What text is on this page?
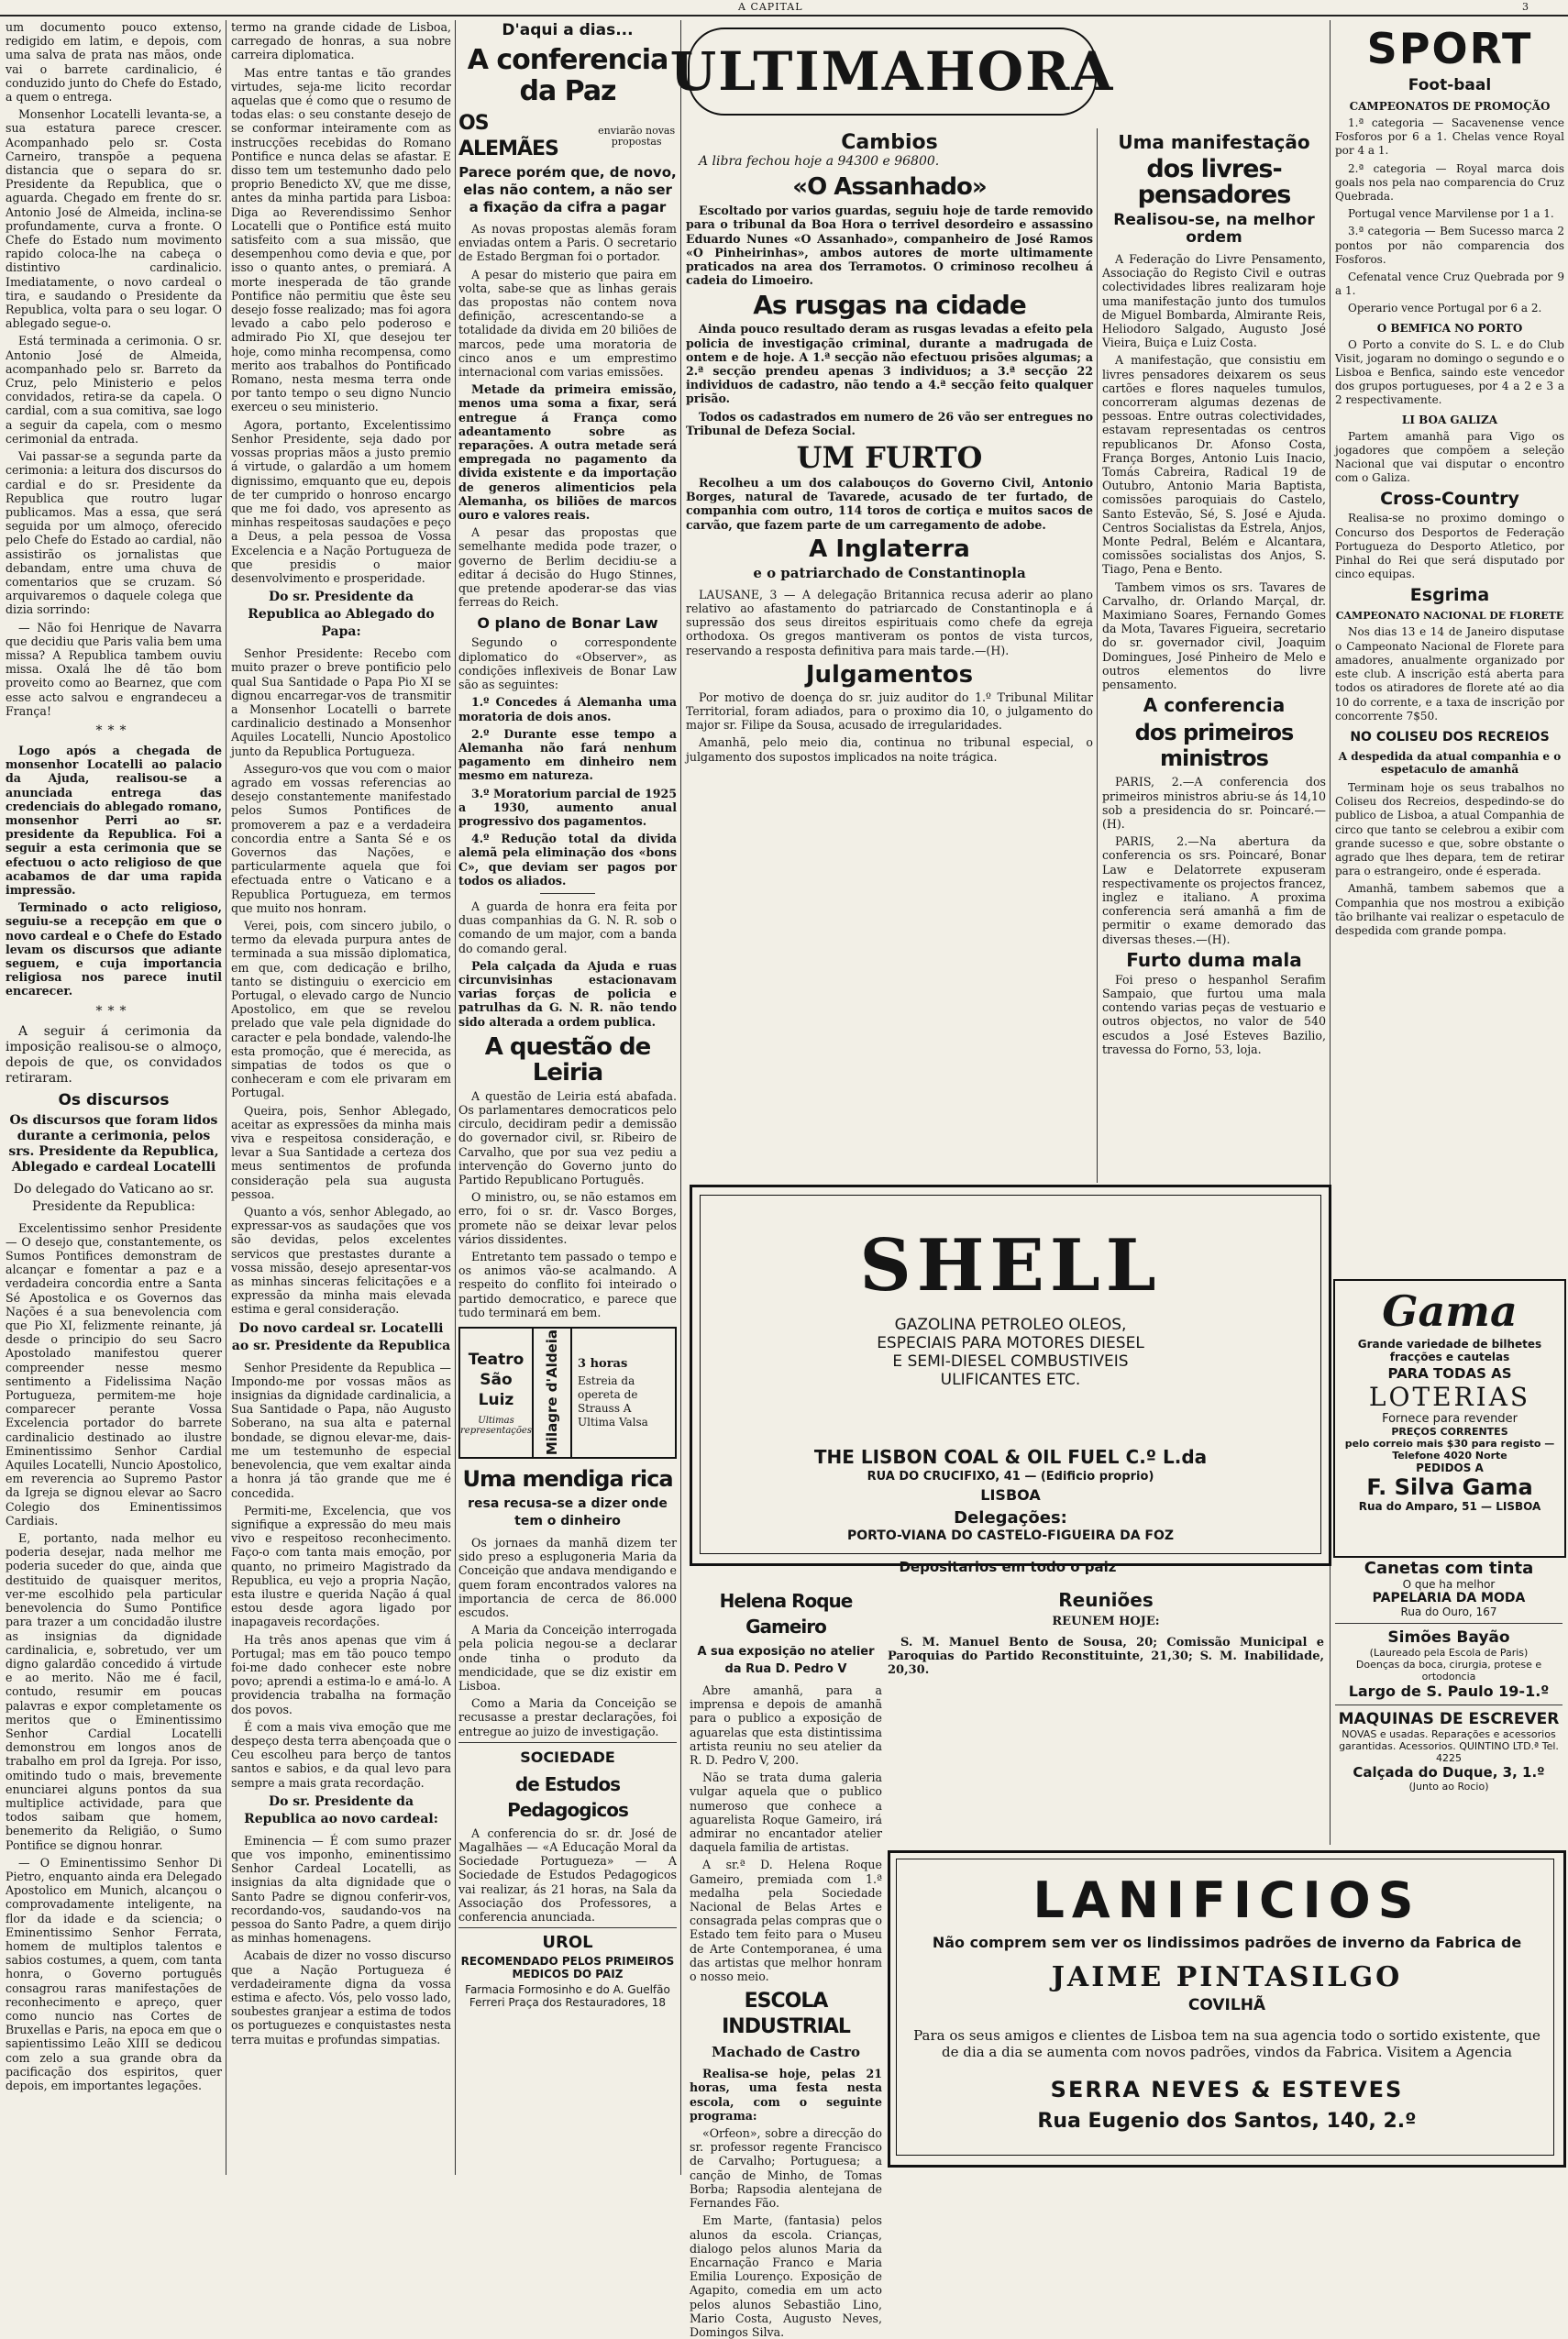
A CAPITAL	3

um documento pouco extenso, redigido em latim, e depois, com uma salva de prata nas mãos, onde vai o barrete cardinalicio, é conduzido junto do Chefe do Estado, a quem o entrega.

Monsenhor Locatelli levanta-se, a sua estatura parece crescer. Acompanhado pelo sr. Costa Carneiro, transpõe a pequena distancia que o separa do sr. Presidente da Republica, que o aguarda. Chegado em frente do sr. Antonio José de Almeida, inclina-se profundamente, curva a fronte. O Chefe do Estado num movimento rapido coloca-lhe na cabeça o distintivo cardinalicio. Imediatamente, o novo cardeal o tira, e saudando o Presidente da Republica, volta para o seu logar. O ablegado segue-o.

Está terminada a cerimonia. O sr. Antonio José de Almeida, acompanhado pelo sr. Barreto da Cruz, pelo Ministerio e pelos convidados, retira-se da capela. O cardial, com a sua comitiva, sae logo a seguir da capela, com o mesmo cerimonial da entrada.

Vai passar-se a segunda parte da cerimonia: a leitura dos discursos do cardial e do sr. Presidente da Republica que routro lugar publicamos. Mas a essa, que será seguida por um almoço, oferecido pelo Chefe do Estado ao cardial, não assistirão os jornalistas que debandam, entre uma chuva de comentarios que se cruzam. Só arquivaremos o daquele colega que dizia sorrindo:

— Não foi Henrique de Navarra que decidiu que Paris valia bem uma missa? A Republica tambem ouviu missa. Oxalá lhe dê tão bom proveito como ao Bearnez, que com esse acto salvou e engrandeceu a França!

***

Logo após a chegada de monsenhor Locatelli ao palacio da Ajuda, realisou-se a anunciada entrega das credenciais do ablegado romano, monsenhor Perri ao sr. presidente da Republica. Foi a seguir a esta cerimonia que se efectuou o acto religioso de que acabamos de dar uma rapida impressão.

Terminado o acto religioso, seguiu-se a recepção em que o novo cardeal e o Chefe do Estado levam os discursos que adiante seguem, e cuja importancia religiosa nos parece inutil encarecer.

***

A seguir á cerimonia da imposição realisou-se o almoço, depois de que, os convidados retiraram.

Os discursos
Os discursos que foram lidos durante a cerimonia, pelos srs. Presidente da Republica, Ablegado e cardeal Locatelli
Do delegado do Vaticano ao sr. Presidente da Republica:

Excelentissimo senhor Presidente — O desejo que, constantemente, os Sumos Pontifices demonstram de alcançar e fomentar a paz e a verdadeira concordia entre a Santa Sé Apostolica e os Governos das Nações é a sua benevolencia com que Pio XI, felizmente reinante, já desde o principio do seu Sacro Apostolado manifestou querer compreender nesse mesmo sentimento a Fidelissima Nação Portugueza, permitem-me hoje comparecer perante Vossa Excelencia portador do barrete cardinalicio destinado ao ilustre Eminentissimo Senhor Cardial Aquiles Locatelli, Nuncio Apostolico, em reverencia ao Supremo Pastor da Igreja se dignou elevar ao Sacro Colegio dos Eminentissimos Cardiais.

E, portanto, nada melhor eu poderia desejar, nada melhor me poderia suceder do que, ainda que destituido de quaisquer meritos, ver-me escolhido pela particular benevolencia do Sumo Pontifice para trazer a um concidadão ilustre as insignias da dignidade cardinalicia, e, sobretudo, ver um digno galardão concedido á virtude e ao merito. Não me é facil, contudo, resumir em poucas palavras e expor completamente os meritos que o Eminentissimo Senhor Cardial Locatelli demonstrou em longos anos de trabalho em prol da Igreja. Por isso, omitindo tudo o mais, brevemente enunciarei alguns pontos da sua multiplice actividade, para que todos saibam que homem, benemerito da Religião, o Sumo Pontifice se dignou honrar.

— O Eminentissimo Senhor Di Pietro, enquanto ainda era Delegado Apostolico em Munich, alcançou o comprovadamente inteligente, na flor da idade e da sciencia; o Eminentissimo Senhor Ferrata, homem de multiplos talentos e sabios costumes, a quem, com tanta honra, o Governo português consagrou raras manifestações de reconhecimento e apreço, quer como nuncio nas Cortes de Bruxellas e Paris, na epoca em que o sapientissimo Leão XIII se dedicou com zelo a sua grande obra da pacificação dos espiritos, quer depois, em importantes legações.

termo na grande cidade de Lisboa, carregado de honras, a sua nobre carreira diplomatica.

Mas entre tantas e tão grandes virtudes, seja-me licito recordar aquelas que é como que o resumo de todas elas: o seu constante desejo de se conformar inteiramente com as instrucções recebidas do Romano Pontifice e nunca delas se afastar. E disso tem um testemunho dado pelo proprio Benedicto XV, que me disse, antes da minha partida para Lisboa: Diga ao Reverendissimo Senhor Locatelli que o Pontifice está muito satisfeito com a sua missão, que desempenhou como devia e que, por isso o quanto antes, o premiará. A morte inesperada de tão grande Pontifice não permitiu que êste seu desejo fosse realizado; mas foi agora levado a cabo pelo poderoso e admirado Pio XI, que desejou ter hoje, como minha recompensa, como merito aos trabalhos do Pontificado Romano, nesta mesma terra onde por tanto tempo o seu digno Nuncio exerceu o seu ministerio.

Agora, portanto, Excelentissimo Senhor Presidente, seja dado por vossas proprias mãos a justo premio á virtude, o galardão a um homem dignissimo, emquanto que eu, depois de ter cumprido o honroso encargo que me foi dado, vos apresento as minhas respeitosas saudações e peço a Deus, a pela pessoa de Vossa Excelencia e a Nação Portugueza de que presidis o maior desenvolvimento e prosperidade.

Do sr. Presidente da Republica ao Ablegado do Papa:

Senhor Presidente: Recebo com muito prazer o breve pontificio pelo qual Sua Santidade o Papa Pio XI se dignou encarregar-vos de transmitir a Monsenhor Locatelli o barrete cardinalicio destinado a Monsenhor Aquiles Locatelli, Nuncio Apostolico junto da Republica Portugueza.

Asseguro-vos que vou com o maior agrado em vossas referencias ao desejo constantemente manifestado pelos Sumos Pontifices de promoverem a paz e a verdadeira concordia entre a Santa Sé e os Governos das Nações, e particularmente aquela que foi efectuada entre o Vaticano e a Republica Portugueza, em termos que muito nos honram.

Verei, pois, com sincero jubilo, o termo da elevada purpura antes de terminada a sua missão diplomatica, em que, com dedicação e brilho, tanto se distinguiu o exercicio em Portugal, o elevado cargo de Nuncio Apostolico, em que se revelou prelado que vale pela dignidade do caracter e pela bondade, valendo-lhe esta promoção, que é merecida, as simpatias de todos os que o conheceram e com ele privaram em Portugal.

Queira, pois, Senhor Ablegado, aceitar as expressões da minha mais viva e respeitosa consideração, e levar a Sua Santidade a certeza dos meus sentimentos de profunda consideração pela sua augusta pessoa.

Quanto a vós, senhor Ablegado, ao expressar-vos as saudações que vos são devidas, pelos excelentes servicos que prestastes durante a vossa missão, desejo apresentar-vos as minhas sinceras felicitações e a expressão da minha mais elevada estima e geral consideração.

Do novo cardeal sr. Locatelli ao sr. Presidente da Republica

Senhor Presidente da Republica — Impondo-me por vossas mãos as insignias da dignidade cardinalicia, a Sua Santidade o Papa, não Augusto Soberano, na sua alta e paternal bondade, se dignou elevar-me, dais-me um testemunho de especial benevolencia, que vem exaltar ainda a honra já tão grande que me é concedida.

Permiti-me, Excelencia, que vos signifique a expressão do meu mais vivo e respeitoso reconhecimento. Faço-o com tanta mais emoção, por quanto, no primeiro Magistrado da Republica, eu vejo a propria Nação, esta ilustre e querida Nação á qual estou desde agora ligado por inapagaveis recordações.

Ha três anos apenas que vim á Portugal; mas em tão pouco tempo foi-me dado conhecer este nobre povo; aprendi a estima-lo e amá-lo. A providencia trabalha na formação dos povos.

É com a mais viva emoção que me despeço desta terra abençoada que o Ceu escolheu para berço de tantos santos e sabios, e da qual levo para sempre a mais grata recordação.

Do sr. Presidente da Republica ao novo cardeal:

Eminencia — É com sumo prazer que vos imponho, eminentissimo Senhor Cardeal Locatelli, as insignias da alta dignidade que o Santo Padre se dignou conferir-vos, recordando-vos, saudando-vos na pessoa do Santo Padre, a quem dirijo as minhas homenagens.

Acabais de dizer no vosso discurso que a Nação Portugueza é verdadeiramente digna da vossa estima e afecto. Vós, pelo vosso lado, soubestes granjear a estima de todos os portuguezes e conquistastes nesta terra muitas e profundas simpatias.

D'aqui a dias...
A conferencia da Paz
OS ALEMÃES
enviarão novas propostas
Parece porém que, de novo, elas não contem, a não ser a fixação da cifra a pagar

As novas propostas alemãs foram enviadas ontem a Paris. O secretario de Estado Bergman foi o portador.

A pesar do misterio que paira em volta, sabe-se que as linhas gerais das propostas não contem nova definição, acrescentando-se a totalidade da divida em 20 biliões de marcos, pede uma moratoria de cinco anos e um emprestimo internacional com varias emissões.

Metade da primeira emissão, menos uma soma a fixar, será entregue á França como adeantamento sobre as reparações. A outra metade será empregada no pagamento da divida existente e da importação de generos alimenticios pela Alemanha, os biliões de marcos ouro e valores reais.

A pesar das propostas que semelhante medida pode trazer, o governo de Berlim decidiu-se a editar á decisão do Hugo Stinnes, que pretende apoderar-se das vias ferreas do Reich.

O plano de Bonar Law

Segundo o correspondente diplomatico do «Observer», as condições inflexiveis de Bonar Law são as seguintes:

1.º Concedes á Alemanha uma moratoria de dois anos.

2.º Durante esse tempo a Alemanha não fará nenhum pagamento em dinheiro nem mesmo em natureza.

3.º Moratorium parcial de 1925 a 1930, aumento anual progressivo dos pagamentos.

4.º Redução total da divida alemã pela eliminação dos «bons C», que deviam ser pagos por todos os aliados.

A guarda de honra era feita por duas companhias da G. N. R. sob o comando de um major, com a banda do comando geral.

Pela calçada da Ajuda e ruas circunvisinhas estacionavam varias forças de policia e patrulhas da G. N. R. não tendo sido alterada a ordem publica.

A questão de Leiria

A questão de Leiria está abafada. Os parlamentares democraticos pelo circulo, decidiram pedir a demissão do governador civil, sr. Ribeiro de Carvalho, que por sua vez pediu a intervenção do Governo junto do Partido Republicano Português.

O ministro, ou, se não estamos em erro, foi o sr. dr. Vasco Borges, promete não se deixar levar pelos vários dissidentes.

Entretanto tem passado o tempo e os animos vão-se acalmando. A respeito do conflito foi inteirado o partido democratico, e parece que tudo terminará em bem.

Teatro São Luiz
Ultimas representações Milagre d'Aldeia 3 horas
Estreia da opereta de Strauss A Ultima Valsa
Uma mendiga rica
resa recusa-se a dizer onde tem o dinheiro

Os jornaes da manhã dizem ter sido preso a esplugoneria Maria da Conceição que andava mendigando e quem foram encontrados valores na importancia de cerca de 86.000 escudos.

A Maria da Conceição interrogada pela policia negou-se a declarar onde tinha o produto da mendicidade, que se diz existir em Lisboa.

Como a Maria da Conceição se recusasse a prestar declarações, foi entregue ao juizo de investigação.

SOCIEDADE
de Estudos Pedagogicos

A conferencia do sr. dr. José de Magalhães — «A Educação Moral da Sociedade Portugueza» — A Sociedade de Estudos Pedagogicos vai realizar, ás 21 horas, na Sala da Associação dos Professores, a conferencia anunciada.

UROL
RECOMENDADO PELOS PRIMEIROS MEDICOS DO PAIZ
Farmacia Formosinho e do A. Guelfão Ferreri Praça dos Restauradores, 18
ULTIMAHORA
Cambios

A libra fechou hoje a 94300 e 96800.

«O Assanhado»

Escoltado por varios guardas, seguiu hoje de tarde removido para o tribunal da Boa Hora o terrivel desordeiro e assassino Eduardo Nunes «O Assanhado», companheiro de José Ramos «O Pinheirinhas», ambos autores de morte ultimamente praticados na area dos Terramotos. O criminoso recolheu á cadeia do Limoeiro.

As rusgas na cidade

Ainda pouco resultado deram as rusgas levadas a efeito pela policia de investigação criminal, durante a madrugada de ontem e de hoje. A 1.ª secção não efectuou prisões algumas; a 2.ª secção prendeu apenas 3 individuos; a 3.ª secção 22 individuos de cadastro, não tendo a 4.ª secção feito qualquer prisão.

Todos os cadastrados em numero de 26 vão ser entregues no Tribunal de Defeza Social.

UM FURTO

Recolheu a um dos calabouços do Governo Civil, Antonio Borges, natural de Tavarede, acusado de ter furtado, de companhia com outro, 114 toros de cortiça e muitos sacos de carvão, que fazem parte de um carregamento de adobe.

A Inglaterra
e o patriarchado de Constantinopla

LAUSANE, 3 — A delegação Britannica recusa aderir ao plano relativo ao afastamento do patriarcado de Constantinopla e á supressão dos seus direitos espirituais como chefe da egreja orthodoxa. Os gregos mantiveram os pontos de vista turcos, reservando a resposta definitiva para mais tarde.—(H).

Julgamentos

Por motivo de doença do sr. juiz auditor do 1.º Tribunal Militar Territorial, foram adiados, para o proximo dia 10, o julgamento do major sr. Filipe da Sousa, acusado de irregularidades.

Amanhã, pelo meio dia, continua no tribunal especial, o julgamento dos supostos implicados na noite trágica.

Uma manifestação
dos livres-pensadores
Realisou-se, na melhor ordem

A Federação do Livre Pensamento, Associação do Registo Civil e outras colectividades libres realizaram hoje uma manifestação junto dos tumulos de Miguel Bombarda, Almirante Reis, Heliodoro Salgado, Augusto José Vieira, Buiça e Luiz Costa.

A manifestação, que consistiu em livres pensadores deixarem os seus cartões e flores naqueles tumulos, concorreram algumas dezenas de pessoas. Entre outras colectividades, estavam representadas os centros republicanos Dr. Afonso Costa, França Borges, Antonio Luis Inacio, Tomás Cabreira, Radical 19 de Outubro, Antonio Maria Baptista, comissões paroquiais do Castelo, Santo Estevão, Sé, S. José e Ajuda. Centros Socialistas da Estrela, Anjos, Monte Pedral, Belém e Alcantara, comissões socialistas dos Anjos, S. Tiago, Pena e Bento.

Tambem vimos os srs. Tavares de Carvalho, dr. Orlando Marçal, dr. Maximiano Soares, Fernando Gomes da Mota, Tavares Figueira, secretario do sr. governador civil, Joaquim Domingues, José Pinheiro de Melo e outros elementos do livre pensamento.

A conferencia
dos primeiros ministros

PARIS, 2.—A conferencia dos primeiros ministros abriu-se ás 14,10 sob a presidencia do sr. Poincaré.—(H).

PARIS, 2.—Na abertura da conferencia os srs. Poincaré, Bonar Law e Delatorrete expuseram respectivamente os projectos francez, inglez e italiano. A proxima conferencia será amanhã a fim de permitir o exame demorado das diversas theses.—(H).

Furto duma mala

Foi preso o hespanhol Serafim Sampaio, que furtou uma mala contendo varias peças de vestuario e outros objectos, no valor de 540 escudos a José Esteves Bazilio, travessa do Forno, 53, loja.

SHELL
GAZOLINA PETROLEO OLEOS, ESPECIAIS PARA MOTORES DIESEL E SEMI-DIESEL COMBUSTIVEIS ULIFICANTES ETC.
THE LISBON COAL & OIL FUEL C.º L.da
RUA DO CRUCIFIXO, 41 — (Edificio proprio)
LISBOA
Delegações:
PORTO-VIANA DO CASTELO-FIGUEIRA DA FOZ
Depositarios em todo o paiz
SPORT
Foot-baal
CAMPEONATOS DE PROMOÇÃO

1.ª categoria — Sacavenense vence Fosforos por 6 a 1. Chelas vence Royal por 4 a 1.

2.ª categoria — Royal marca dois goals nos pela nao comparencia do Cruz Quebrada.

Portugal vence Marvilense por 1 a 1.

3.ª categoria — Bem Sucesso marca 2 pontos por não comparencia dos Fosforos.

Cefenatal vence Cruz Quebrada por 9 a 1.

Operario vence Portugal por 6 a 2.

O BEMFICA NO PORTO

O Porto a convite do S. L. e do Club Visit, jogaram no domingo o segundo e o Lisboa e Benfica, saindo este vencedor dos grupos portugueses, por 4 a 2 e 3 a 2 respectivamente.

LI BOA GALIZA

Partem amanhã para Vigo os jogadores que compõem a seleção Nacional que vai disputar o encontro com o Galiza.

Cross-Country

Realisa-se no proximo domingo o Concurso dos Desportos de Federação Portugueza do Desporto Atletico, por Pinhal do Rei que será disputado por cinco equipas.

Esgrima
CAMPEONATO NACIONAL DE FLORETE

Nos dias 13 e 14 de Janeiro disputase o Campeonato Nacional de Florete para amadores, anualmente organizado por este club. A inscrição está aberta para todos os atiradores de florete até ao dia 10 do corrente, e a taxa de inscrição por concorrente 7$50.

NO COLISEU DOS RECREIOS
A despedida da atual companhia e o espetaculo de amanhã

Terminam hoje os seus trabalhos no Coliseu dos Recreios, despedindo-se do publico de Lisboa, a atual Companhia de circo que tanto se celebrou a exibir com grande sucesso e que, sobre obstante o agrado que lhes depara, tem de retirar para o estrangeiro, onde é esperada.

Amanhã, tambem sabemos que a Companhia que nos mostrou a exibição tão brilhante vai realizar o espetaculo de despedida com grande pompa.

Gama
Grande variedade de bilhetes fracções e cautelas
PARA TODAS AS
LOTERIAS
Fornece para revender
PREÇOS CORRENTES
pelo correio mais $30 para registo — Telefone 4020 Norte
PEDIDOS A
F. Silva Gama
Rua do Amparo, 51 — LISBOA
Canetas com tinta
O que ha melhor
PAPELARIA DA MODA
Rua do Ouro, 167
Simões Bayão
(Laureado pela Escola de Paris)
Doenças da boca, cirurgia, protese e ortodoncia
Largo de S. Paulo 19-1.º
MAQUINAS DE ESCREVER
NOVAS e usadas. Reparações e acessorios garantidas. Acessorios. QUINTINO LTD.ª Tel. 4225
Calçada do Duque, 3, 1.º
(Junto ao Rocio)
LANIFICIOS
Não comprem sem ver os lindissimos padrões de inverno da Fabrica de
JAIME PINTASILGO
COVILHÃ
Para os seus amigos e clientes de Lisboa tem na sua agencia todo o sortido existente, que de dia a dia se aumenta com novos padrões, vindos da Fabrica. Visitem a Agencia
SERRA NEVES & ESTEVES
Rua Eugenio dos Santos, 140, 2.º
Helena Roque Gameiro
A sua exposição no atelier da Rua D. Pedro V

Abre amanhã, para a imprensa e depois de amanhã para o publico a exposição de aguarelas que esta distintissima artista reuniu no seu atelier da R. D. Pedro V, 200.

Não se trata duma galeria vulgar aquela que o publico numeroso que conhece a aguarelista Roque Gameiro, irá admirar no encantador atelier daquela familia de artistas.

A sr.ª D. Helena Roque Gameiro, premiada com 1.ª medalha pela Sociedade Nacional de Belas Artes e consagrada pelas compras que o Estado tem feito para o Museu de Arte Contemporanea, é uma das artistas que melhor honram o nosso meio.

ESCOLA INDUSTRIAL
Machado de Castro

Realisa-se hoje, pelas 21 horas, uma festa nesta escola, com o seguinte programa:

«Orfeon», sobre a direcção do sr. professor regente Francisco de Carvalho; Portuguesa; a canção de Minho, de Tomas Borba; Rapsodia alentejana de Fernandes Fão.

Em Marte, (fantasia) pelos alunos da escola. Crianças, dialogo pelos alunos Maria da Encarnação Franco e Maria Emilia Lourenço. Exposição de Agapito, comedia em um acto pelos alunos Sebastião Lino, Mario Costa, Augusto Neves, Domingos Silva.

Reuniões
REUNEM HOJE:

S. M. Manuel Bento de Sousa, 20; Comissão Municipal e Paroquias do Partido Reconstituinte, 21,30; S. M. Inabilidade, 20,30.
